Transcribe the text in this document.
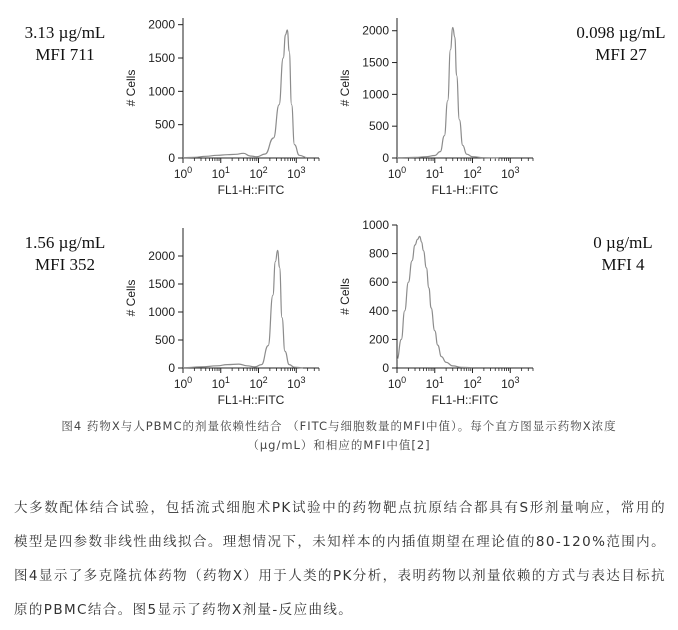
0
500
1000
1500
2000
$10^0$ $10^1$ $10^2$ $10^3$
FL1-H::FITC
# Cells
0
500
1000
1500
2000
$10^0$ $10^1$ $10^2$ $10^3$
FL1-H::FITC
# Cells
0
500
1000
1500
2000
$10^0$ $10^1$ $10^2$ $10^3$
FL1-H::FITC
# Cells
0
200
400
600
800
1000
$10^0$ $10^1$ $10^2$ $10^3$
FL1-H::FITC
# Cells
3.13 µg/mL
MFI 711
0.098 µg/mL
MFI 27
1.56 µg/mL
MFI 352
0 µg/mL
MFI 4
图4 药物X与人PBMC的剂量依赖性结合 （FITC与细胞数量的MFI中值）。每个直方图显示药物X浓度
（μg/mL）和相应的MFI中值[2]

大多数配体结合试验，包括流式细胞术PK试验中的药物靶点抗原结合都具有S形剂量响应，常用的模型是四参数非线性曲线拟合。理想情况下，未知样本的内插值期望在理论值的80-120%范围内。图4显示了多克隆抗体药物（药物X）用于人类的PK分析，表明药物以剂量依赖的方式与表达目标抗原的PBMC结合。图5显示了药物X剂量-反应曲线。
